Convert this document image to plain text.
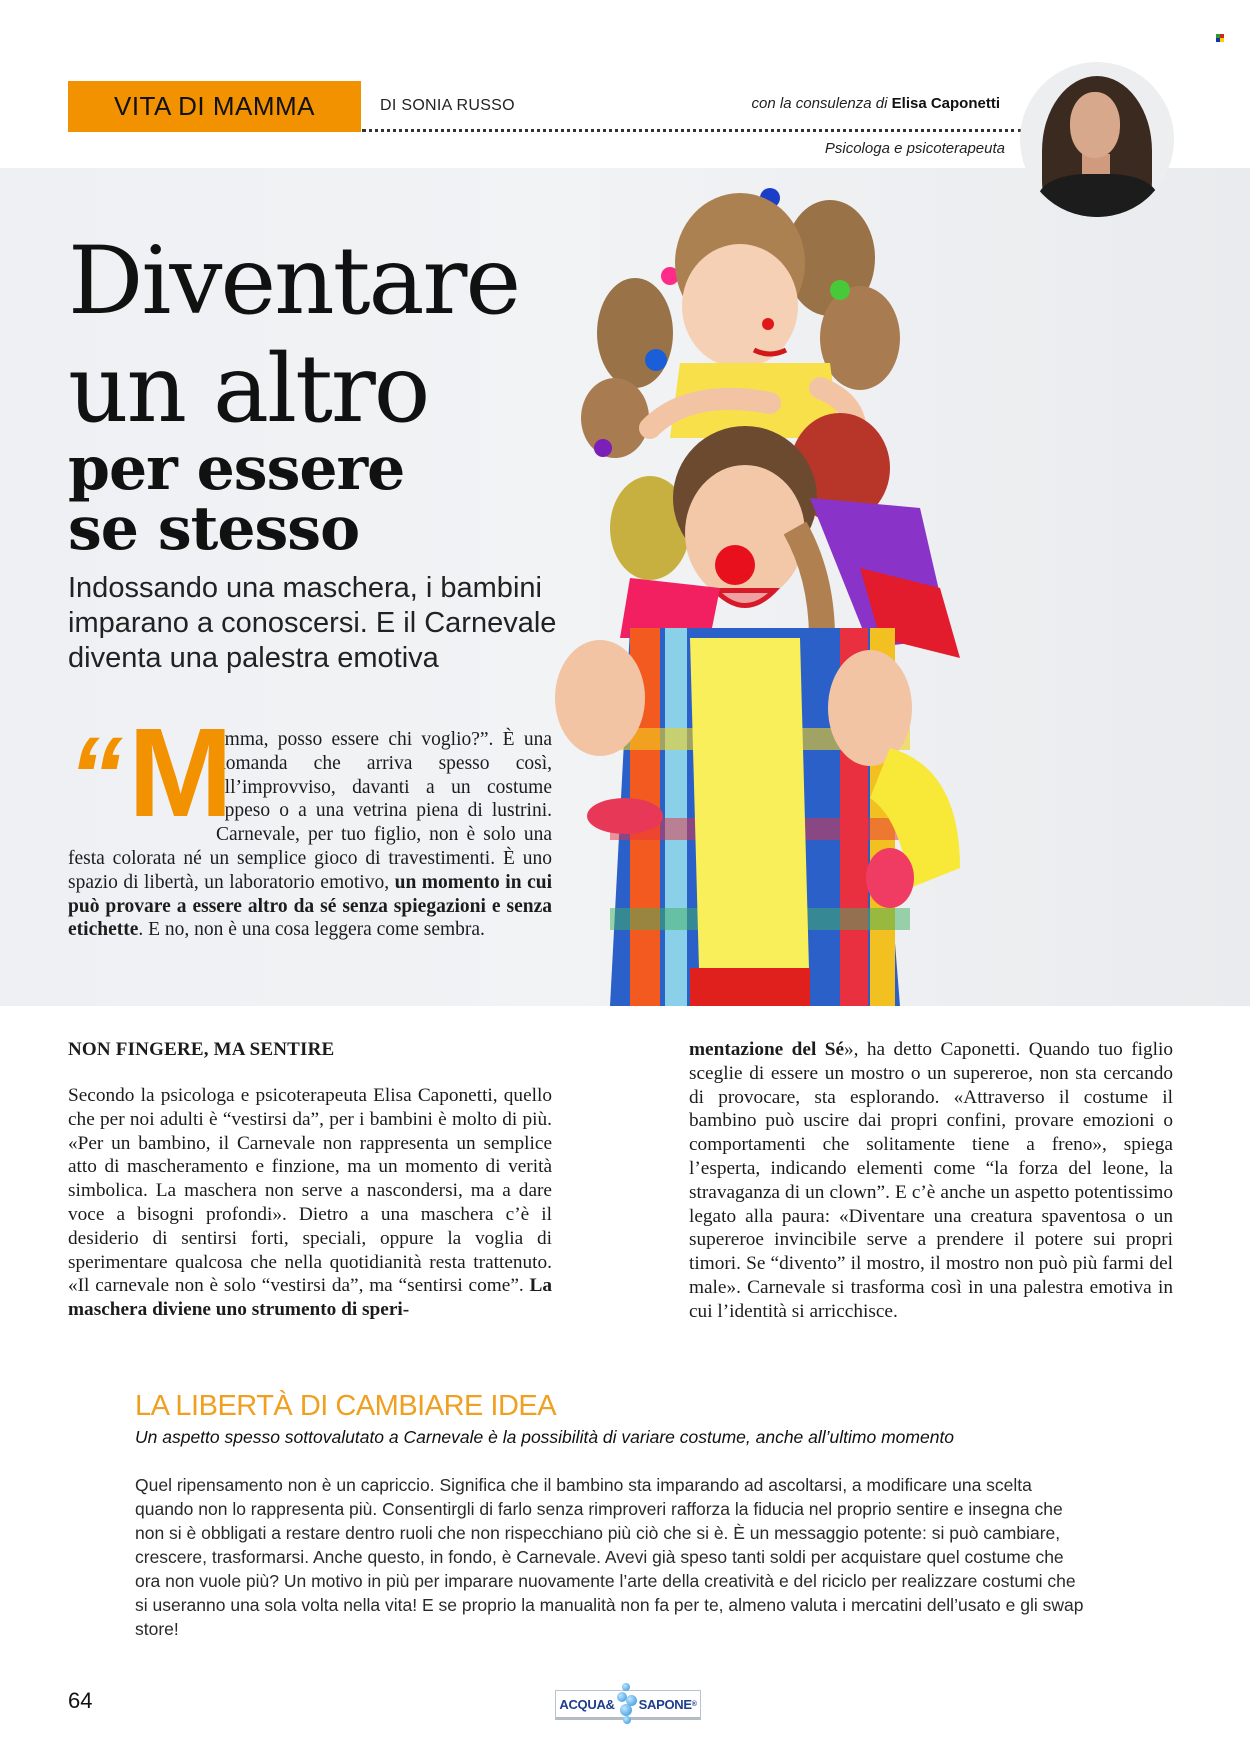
VITA DI MAMMA	DI SONIA RUSSO	con la consulenza di Elisa Caponetti
Psicologa e psicoterapeuta
Diventare
un altro
per essere
se stesso
Indossando una maschera, i bambini imparano a conoscersi. E il Carnevale diventa una palestra emotiva
“ M
amma, posso essere chi voglio?”. È una domanda che arriva spesso così, all’improvviso, davanti a un costume appeso o a una vetrina piena di lustrini. Carnevale, per tuo figlio, non è solo una festa colorata né un semplice gioco di travestimenti. È uno spazio di libertà, un laboratorio emotivo, un momento in cui può provare a essere altro da sé senza spiegazioni e senza etichette. E no, non è una cosa leggera come sembra.
NON FINGERE, MA SENTIRE
Secondo la psicologa e psicoterapeuta Elisa Caponetti, quello che per noi adulti è “vestirsi da”, per i bambini è molto di più. «Per un bambino, il Carnevale non rappresenta un semplice atto di mascheramento e finzione, ma un momento di verità simbolica. La maschera non serve a nascondersi, ma a dare voce a bisogni profondi». Dietro a una maschera c’è il desiderio di sentirsi forti, speciali, oppure la voglia di sperimentare qualcosa che nella quotidianità resta trattenuto. «Il carnevale non è solo “vestirsi da”, ma “sentirsi come”. La maschera diviene uno strumento di speri-
mentazione del Sé», ha detto Caponetti. Quando tuo figlio sceglie di essere un mostro o un supereroe, non sta cercando di provocare, sta esplorando. «Attraverso il costume il bambino può uscire dai propri confini, provare emozioni o comportamenti che solitamente tiene a freno», spiega l’esperta, indicando elementi come “la forza del leone, la stravaganza di un clown”. E c’è anche un aspetto potentissimo legato alla paura: «Diventare una creatura spaventosa o un supereroe invincibile serve a prendere il potere sui propri timori. Se “divento” il mostro, il mostro non può più farmi del male». Carnevale si trasforma così in una palestra emotiva in cui l’identità si arricchisce.
LA LIBERTÀ DI CAMBIARE IDEA
Un aspetto spesso sottovalutato a Carnevale è la possibilità di variare costume, anche all’ultimo momento
Quel ripensamento non è un capriccio. Significa che il bambino sta imparando ad ascoltarsi, a modificare una scelta quando non lo rappresenta più. Consentirgli di farlo senza rimproveri rafforza la fiducia nel proprio sentire e insegna che non si è obbligati a restare dentro ruoli che non rispecchiano più ciò che si è. È un messaggio potente: si può cambiare, crescere, trasformarsi. Anche questo, in fondo, è Carnevale. Avevi già speso tanti soldi per acquistare quel costume che ora non vuole più? Un motivo in più per imparare nuovamente l’arte della creatività e del riciclo per realizzare costumi che si useranno una sola volta nella vita! E se proprio la manualità non fa per te, almeno valuta i mercatini dell’usato e gli swap store!
64	ACQUA& SAPONE ®
